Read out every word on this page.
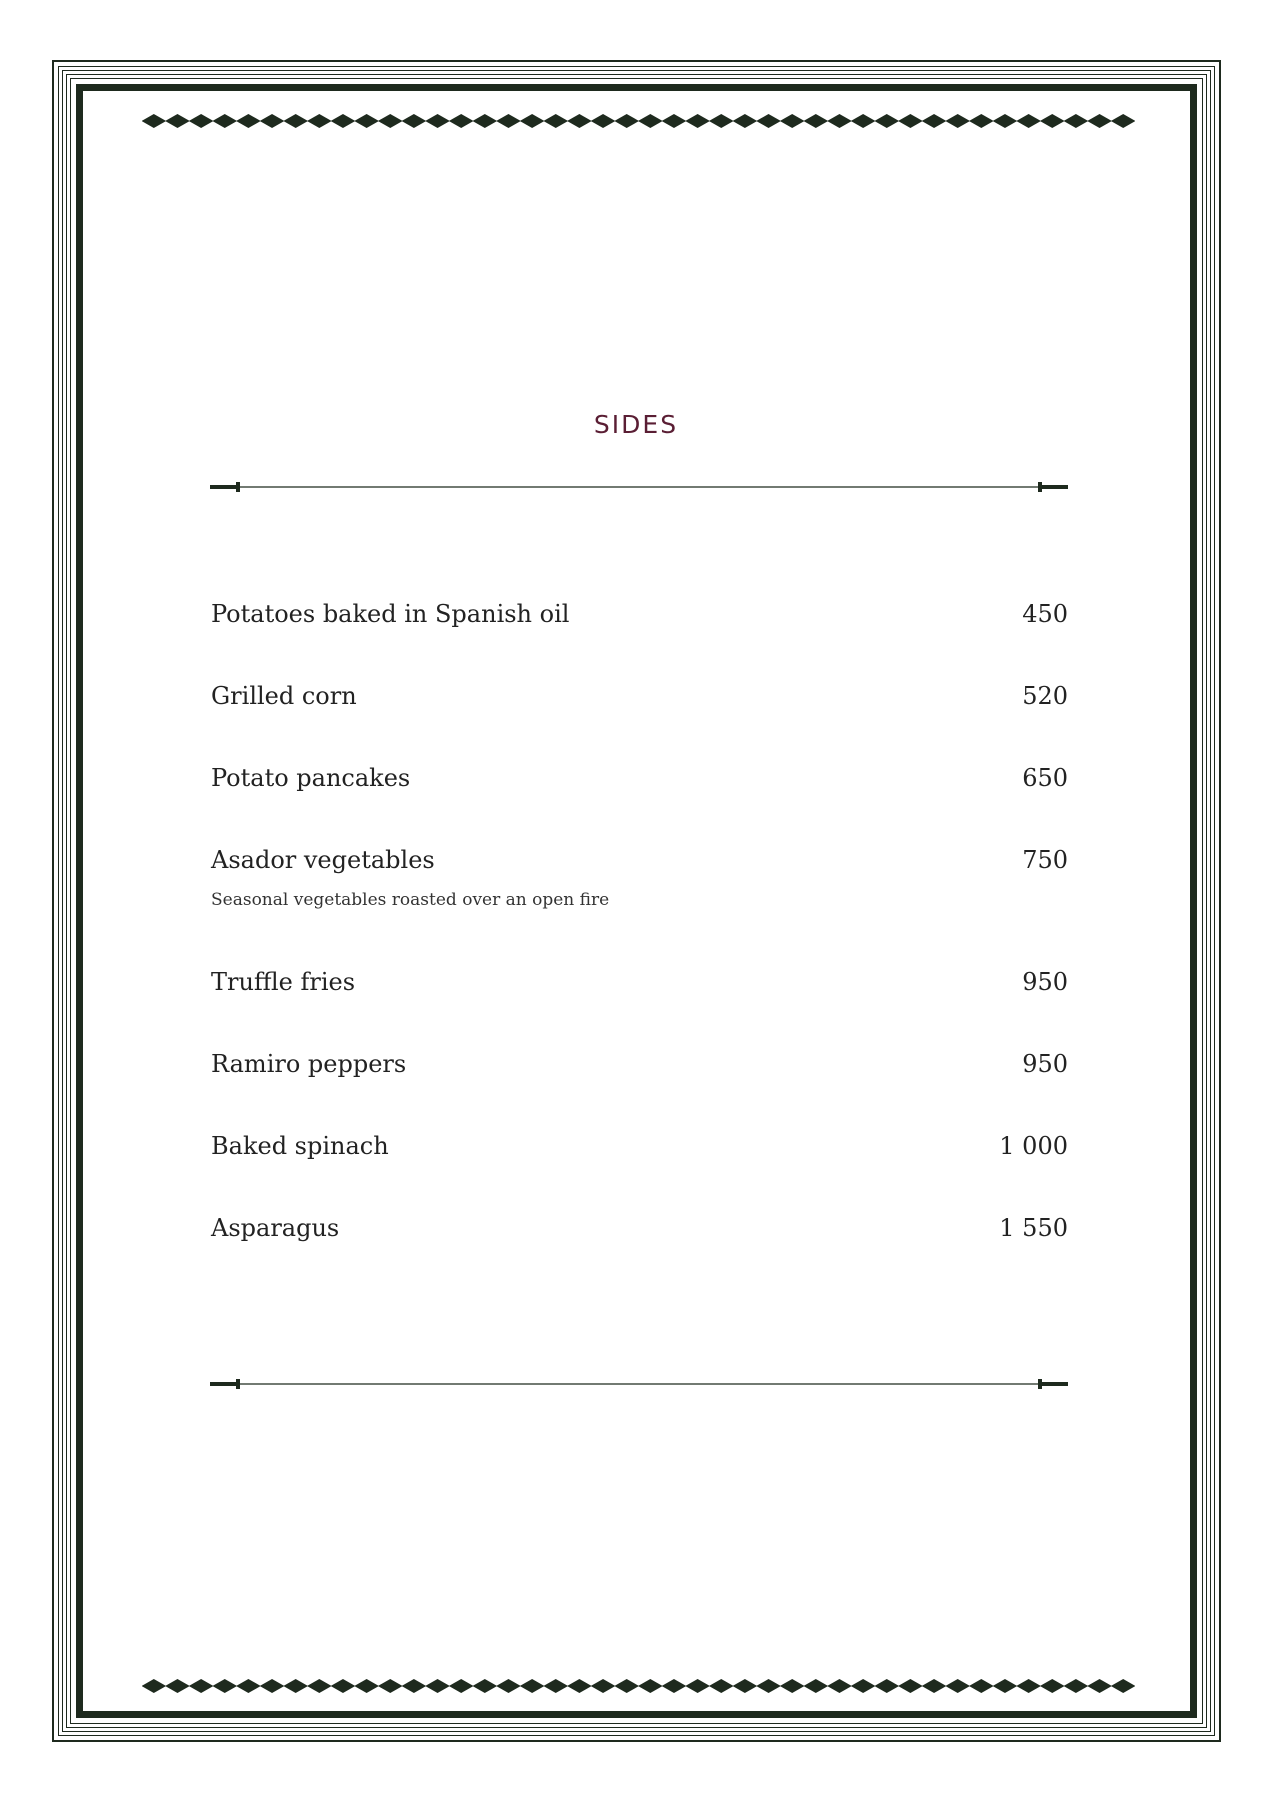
SIDES
Potatoes baked in Spanish oil	450
Grilled corn	520
Potato pancakes	650
Asador vegetables	750
Seasonal vegetables roasted over an open fire
Truffle fries	950
Ramiro peppers	950
Baked spinach	1 000
Asparagus	1 550
